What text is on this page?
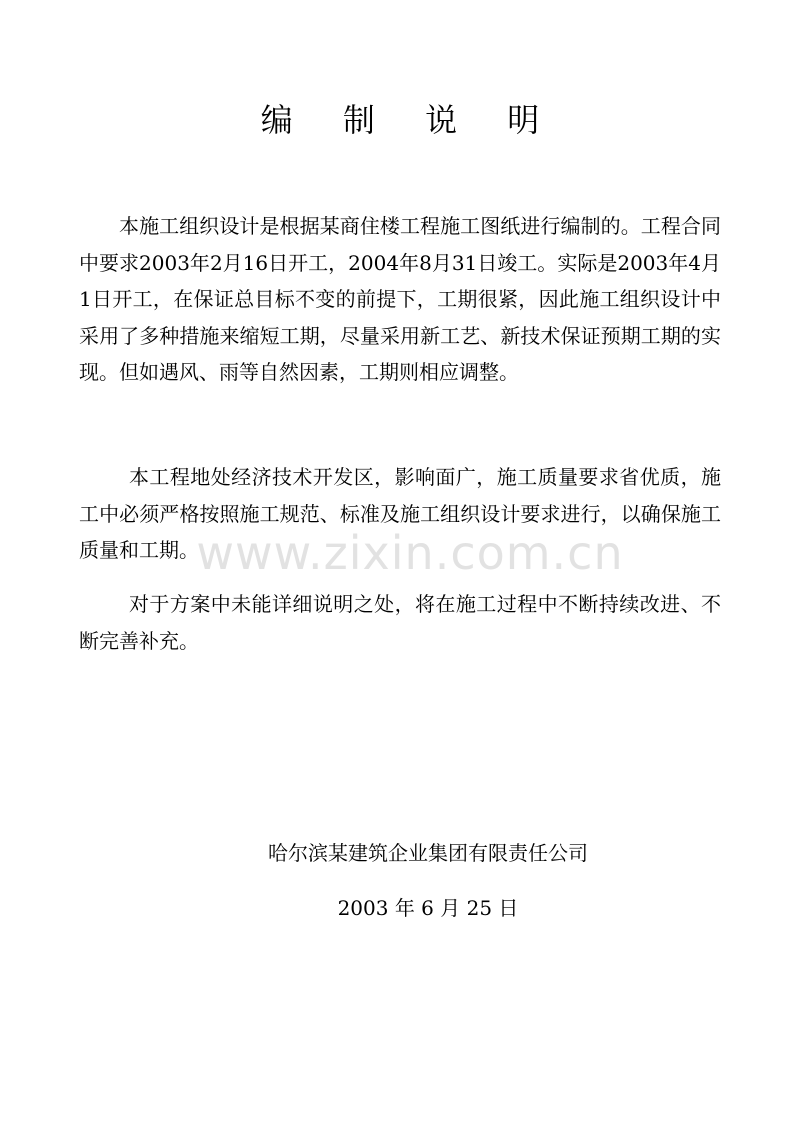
编 制 说 明

本施工组织设计是根据某商住楼工程施工图纸进行编制的。工程合同中要求2003年2月16日开工，2004年8月31日竣工。实际是2003年4月1日开工，在保证总目标不变的前提下，工期很紧，因此施工组织设计中采用了多种措施来缩短工期，尽量采用新工艺、新技术保证预期工期的实现。但如遇风、雨等自然因素，工期则相应调整。

本工程地处经济技术开发区，影响面广，施工质量要求省优质，施工中必须严格按照施工规范、标准及施工组织设计要求进行，以确保施工质量和工期。

对于方案中未能详细说明之处，将在施工过程中不断持续改进、不断完善补充。

www.zixin.com.cn

哈尔滨某建筑企业集团有限责任公司

2003 年 6 月 25 日
